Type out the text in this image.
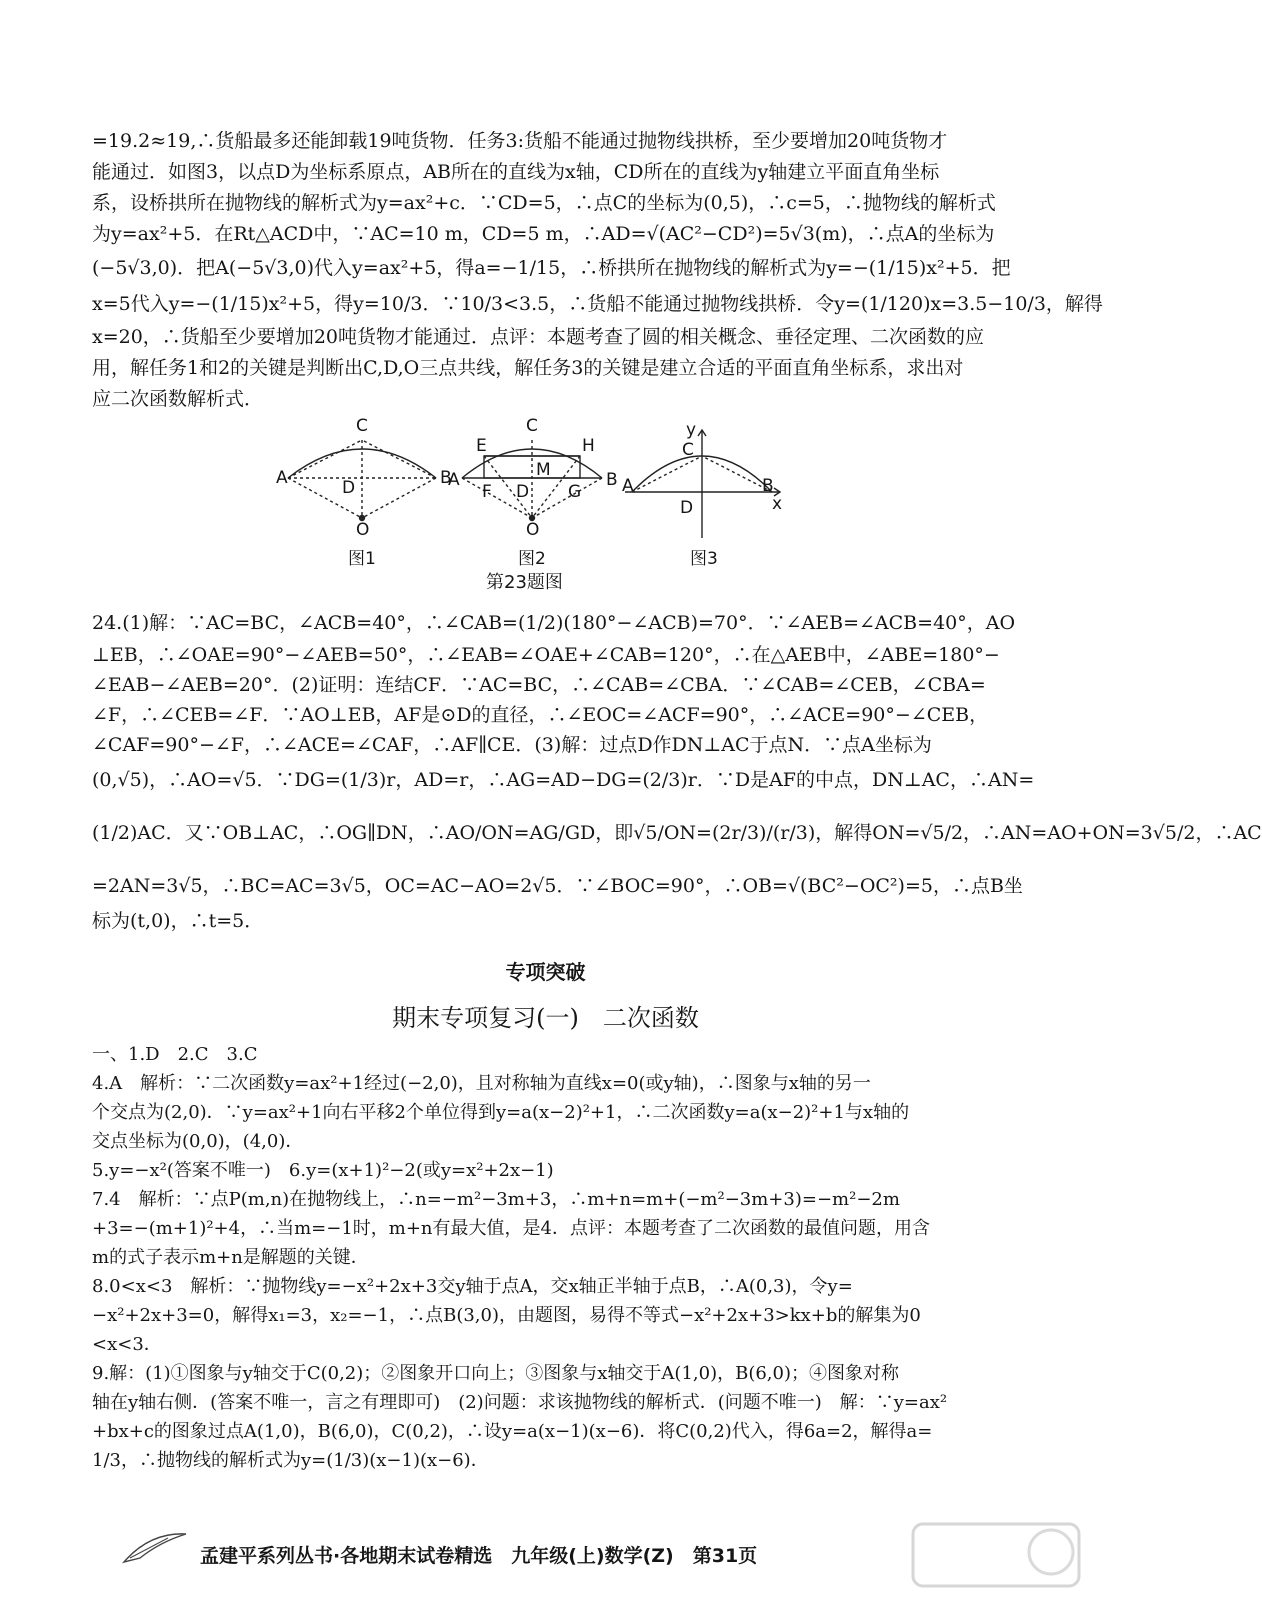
=19.2≈19,∴货船最多还能卸载19吨货物．任务3:货船不能通过抛物线拱桥，至少要增加20吨货物才
能通过．如图3，以点D为坐标系原点，AB所在的直线为x轴，CD所在的直线为y轴建立平面直角坐标
系，设桥拱所在抛物线的解析式为y=ax²+c．∵CD=5，∴点C的坐标为(0,5)，∴c=5，∴抛物线的解析式
为y=ax²+5．在Rt△ACD中，∵AC=10 m，CD=5 m，∴AD=√(AC²−CD²)=5√3(m)，∴点A的坐标为
(−5√3,0)．把A(−5√3,0)代入y=ax²+5，得a=−1/15，∴桥拱所在抛物线的解析式为y=−(1/15)x²+5．把
x=5代入y=−(1/15)x²+5，得y=10/3．∵10/3<3.5，∴货船不能通过抛物线拱桥．令y=(1/120)x=3.5−10/3，解得
x=20，∴货船至少要增加20吨货物才能通过．点评：本题考查了圆的相关概念、垂径定理、二次函数的应
用，解任务1和2的关键是判断出C,D,O三点共线，解任务3的关键是建立合适的平面直角坐标系，求出对
应二次函数解析式．
A	B
C
D
O
A	B
C
D
E
F	G
H
M
O
A	B
C
D	x
y
图1	图2	图3
第23题图
24.(1)解：∵AC=BC，∠ACB=40°，∴∠CAB=(1/2)(180°−∠ACB)=70°．∵∠AEB=∠ACB=40°，AO
⊥EB，∴∠OAE=90°−∠AEB=50°，∴∠EAB=∠OAE+∠CAB=120°，∴在△AEB中，∠ABE=180°−
∠EAB−∠AEB=20°．(2)证明：连结CF．∵AC=BC，∴∠CAB=∠CBA．∵∠CAB=∠CEB，∠CBA=
∠F，∴∠CEB=∠F．∵AO⊥EB，AF是⊙D的直径，∴∠EOC=∠ACF=90°，∴∠ACE=90°−∠CEB，
∠CAF=90°−∠F，∴∠ACE=∠CAF，∴AF∥CE．(3)解：过点D作DN⊥AC于点N．∵点A坐标为
(0,√5)，∴AO=√5．∵DG=(1/3)r，AD=r，∴AG=AD−DG=(2/3)r．∵D是AF的中点，DN⊥AC，∴AN=
(1/2)AC．又∵OB⊥AC，∴OG∥DN，∴AO/ON=AG/GD，即√5/ON=(2r/3)/(r/3)，解得ON=√5/2，∴AN=AO+ON=3√5/2，∴AC
=2AN=3√5，∴BC=AC=3√5，OC=AC−AO=2√5．∵∠BOC=90°，∴OB=√(BC²−OC²)=5，∴点B坐
标为(t,0)，∴t=5．
专项突破
期末专项复习(一)　二次函数
一、1.D　2.C　3.C
4.A　解析：∵二次函数y=ax²+1经过(−2,0)，且对称轴为直线x=0(或y轴)，∴图象与x轴的另一
个交点为(2,0)．∵y=ax²+1向右平移2个单位得到y=a(x−2)²+1，∴二次函数y=a(x−2)²+1与x轴的
交点坐标为(0,0)，(4,0)．
5.y=−x²(答案不唯一)　6.y=(x+1)²−2(或y=x²+2x−1)
7.4　解析：∵点P(m,n)在抛物线上，∴n=−m²−3m+3，∴m+n=m+(−m²−3m+3)=−m²−2m
+3=−(m+1)²+4，∴当m=−1时，m+n有最大值，是4．点评：本题考查了二次函数的最值问题，用含
m的式子表示m+n是解题的关键．
8.0<x<3　解析：∵抛物线y=−x²+2x+3交y轴于点A，交x轴正半轴于点B，∴A(0,3)，令y=
−x²+2x+3=0，解得x₁=3，x₂=−1，∴点B(3,0)，由题图，易得不等式−x²+2x+3>kx+b的解集为0
<x<3．
9.解：(1)①图象与y轴交于C(0,2)；②图象开口向上；③图象与x轴交于A(1,0)，B(6,0)；④图象对称
轴在y轴右侧．(答案不唯一，言之有理即可)　(2)问题：求该抛物线的解析式．(问题不唯一)　解：∵y=ax²
+bx+c的图象过点A(1,0)，B(6,0)，C(0,2)，∴设y=a(x−1)(x−6)．将C(0,2)代入，得6a=2，解得a=
1/3，∴抛物线的解析式为y=(1/3)(x−1)(x−6)．
孟建平系列丛书·各地期末试卷精选　九年级(上)数学(Z)　第31页
